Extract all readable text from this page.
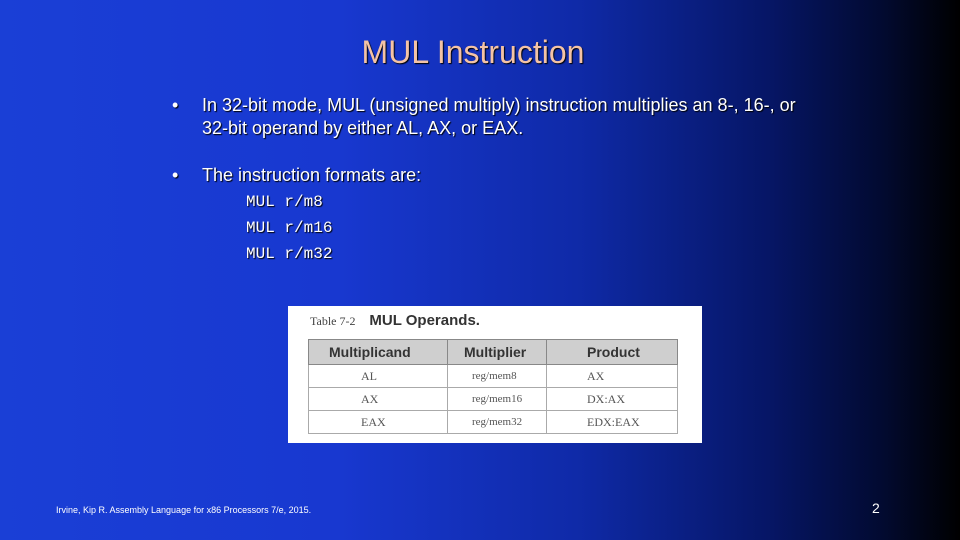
MUL Instruction
• In 32-bit mode, MUL (unsigned multiply) instruction multiplies an 8-, 16-, or 32-bit operand by either AL, AX, or EAX.
• The instruction formats are:
MUL r/m8
MUL r/m16
MUL r/m32
Table 7-2 MUL Operands.
Multiplicand	Multiplier	Product
AL	reg/mem8	AX
AX	reg/mem16	DX:AX
EAX	reg/mem32	EDX:EAX
Irvine, Kip R. Assembly Language for x86 Processors 7/e, 2015.	2
